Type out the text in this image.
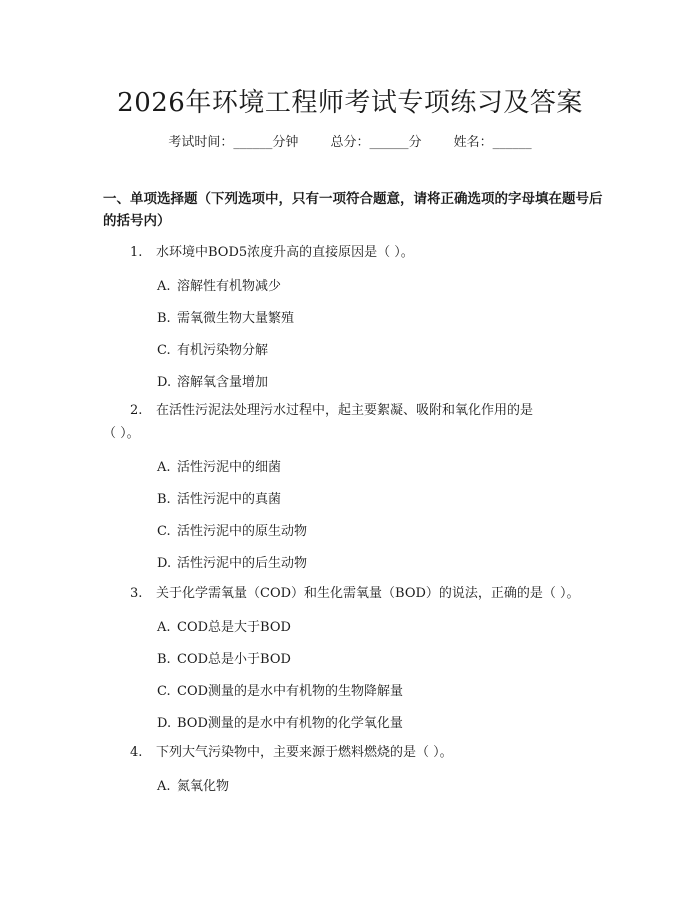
2026年环境工程师考试专项练习及答案
考试时间：______分钟 总分：______分 姓名：______
一、单项选择题（下列选项中，只有一项符合题意，请将正确选项的字母填在题号后的括号内）
1. 水环境中BOD5浓度升高的直接原因是（ ）。
A. 溶解性有机物减少
B. 需氧微生物大量繁殖
C. 有机污染物分解
D. 溶解氧含量增加
2. 在活性污泥法处理污水过程中，起主要絮凝、吸附和氧化作用的是
（ ）。
A. 活性污泥中的细菌
B. 活性污泥中的真菌
C. 活性污泥中的原生动物
D. 活性污泥中的后生动物
3. 关于化学需氧量（COD）和生化需氧量（BOD）的说法，正确的是（ ）。
A. COD总是大于BOD
B. COD总是小于BOD
C. COD测量的是水中有机物的生物降解量
D. BOD测量的是水中有机物的化学氧化量
4. 下列大气污染物中，主要来源于燃料燃烧的是（ ）。
A. 氮氧化物
